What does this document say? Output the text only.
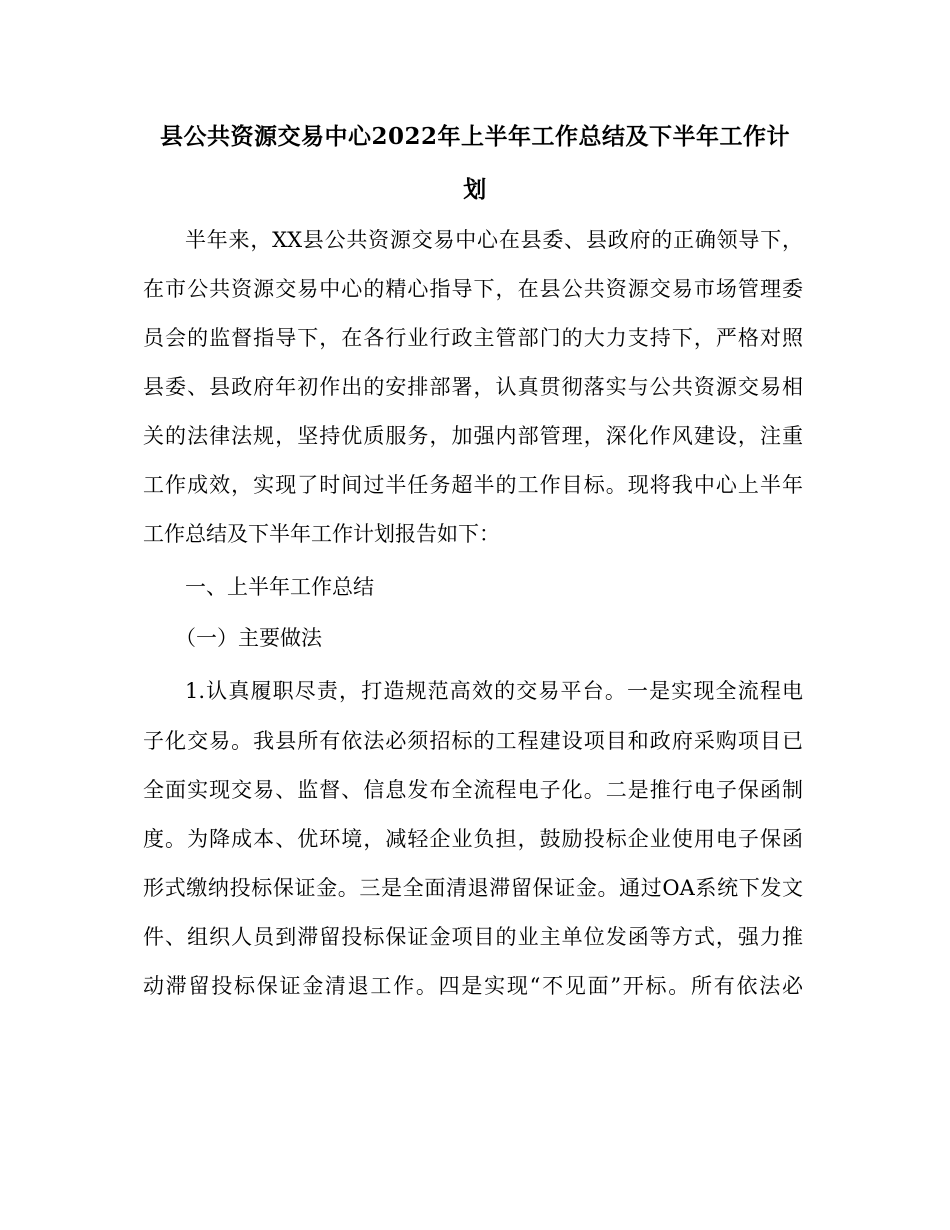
县公共资源交易中心2022年上半年工作总结及下半年工作计
划
半年来，XX县公共资源交易中心在县委、县政府的正确领导下，
在市公共资源交易中心的精心指导下，在县公共资源交易市场管理委
员会的监督指导下，在各行业行政主管部门的大力支持下，严格对照
县委、县政府年初作出的安排部署，认真贯彻落实与公共资源交易相
关的法律法规，坚持优质服务，加强内部管理，深化作风建设，注重
工作成效，实现了时间过半任务超半的工作目标。现将我中心上半年
工作总结及下半年工作计划报告如下：
一、上半年工作总结
（一）主要做法
1.认真履职尽责，打造规范高效的交易平台。一是实现全流程电
子化交易。我县所有依法必须招标的工程建设项目和政府采购项目已
全面实现交易、监督、信息发布全流程电子化。二是推行电子保函制
度。为降成本、优环境，减轻企业负担，鼓励投标企业使用电子保函
形式缴纳投标保证金。三是全面清退滞留保证金。通过OA系统下发文
件、组织人员到滞留投标保证金项目的业主单位发函等方式，强力推
动滞留投标保证金清退工作。四是实现“不见面”开标。所有依法必
